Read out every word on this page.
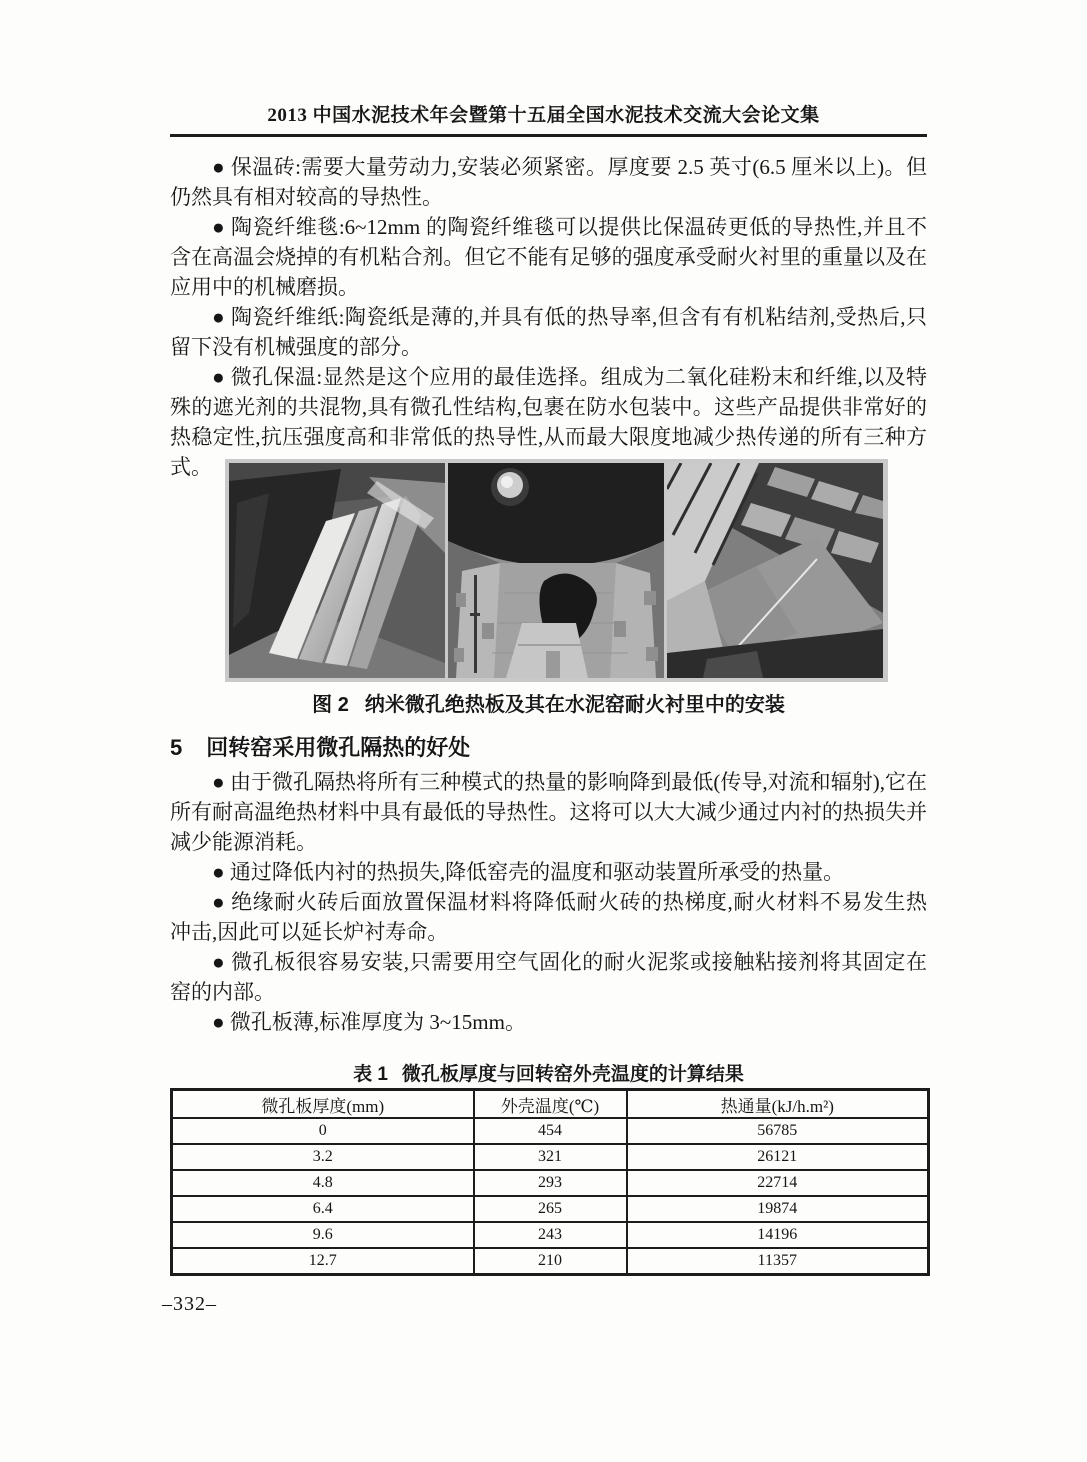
2013 中国水泥技术年会暨第十五届全国水泥技术交流大会论文集

● 保温砖:需要大量劳动力,安装必须紧密。厚度要 2.5 英寸(6.5 厘米以上)。但仍然具有相对较高的导热性。

● 陶瓷纤维毯:6~12mm 的陶瓷纤维毯可以提供比保温砖更低的导热性,并且不含在高温会烧掉的有机粘合剂。但它不能有足够的强度承受耐火衬里的重量以及在应用中的机械磨损。

● 陶瓷纤维纸:陶瓷纸是薄的,并具有低的热导率,但含有有机粘结剂,受热后,只留下没有机械强度的部分。

● 微孔保温:显然是这个应用的最佳选择。组成为二氧化硅粉末和纤维,以及特殊的遮光剂的共混物,具有微孔性结构,包裹在防水包装中。这些产品提供非常好的热稳定性,抗压强度高和非常低的热导性,从而最大限度地减少热传递的所有三种方式。

图 2 纳米微孔绝热板及其在水泥窑耐火衬里中的安装
5 回转窑采用微孔隔热的好处

● 由于微孔隔热将所有三种模式的热量的影响降到最低(传导,对流和辐射),它在所有耐高温绝热材料中具有最低的导热性。这将可以大大减少通过内衬的热损失并减少能源消耗。

● 通过降低内衬的热损失,降低窑壳的温度和驱动装置所承受的热量。

● 绝缘耐火砖后面放置保温材料将降低耐火砖的热梯度,耐火材料不易发生热冲击,因此可以延长炉衬寿命。

● 微孔板很容易安装,只需要用空气固化的耐火泥浆或接触粘接剂将其固定在窑的内部。

● 微孔板薄,标准厚度为 3~15mm。

表 1 微孔板厚度与回转窑外壳温度的计算结果
微孔板厚度(mm)	外壳温度(℃)	热通量(kJ/h.m²)
0	454	56785
3.2	321	26121
4.8	293	22714
6.4	265	19874
9.6	243	14196
12.7	210	11357
–332–
